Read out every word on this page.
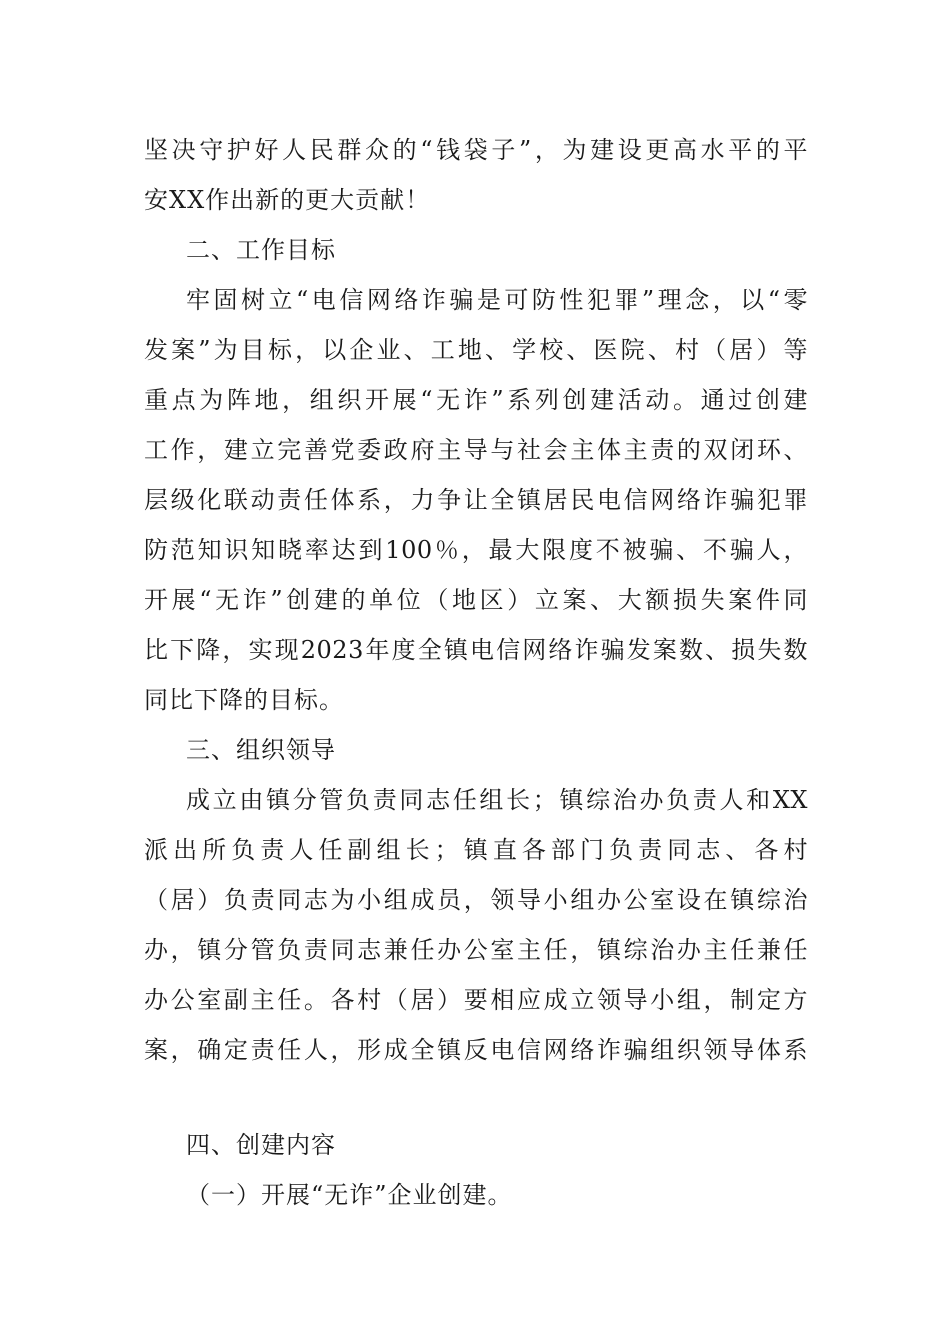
坚决守护好人民群众的“钱袋子”，为建设更高水平的平
安XX作出新的更大贡献！
二、工作目标
牢固树立“电信网络诈骗是可防性犯罪”理念，以“零
发案”为目标，以企业、工地、学校、医院、村（居）等
重点为阵地，组织开展“无诈”系列创建活动。通过创建
工作，建立完善党委政府主导与社会主体主责的双闭环、
层级化联动责任体系，力争让全镇居民电信网络诈骗犯罪
防范知识知晓率达到100％，最大限度不被骗、不骗人，
开展“无诈”创建的单位（地区）立案、大额损失案件同
比下降，实现2023年度全镇电信网络诈骗发案数、损失数
同比下降的目标。
三、组织领导
成立由镇分管负责同志任组长；镇综治办负责人和XX
派出所负责人任副组长；镇直各部门负责同志、各村
（居）负责同志为小组成员，领导小组办公室设在镇综治
办，镇分管负责同志兼任办公室主任，镇综治办主任兼任
办公室副主任。各村（居）要相应成立领导小组，制定方
案，确定责任人，形成全镇反电信网络诈骗组织领导体系
四、创建内容
（一）开展“无诈”企业创建。
